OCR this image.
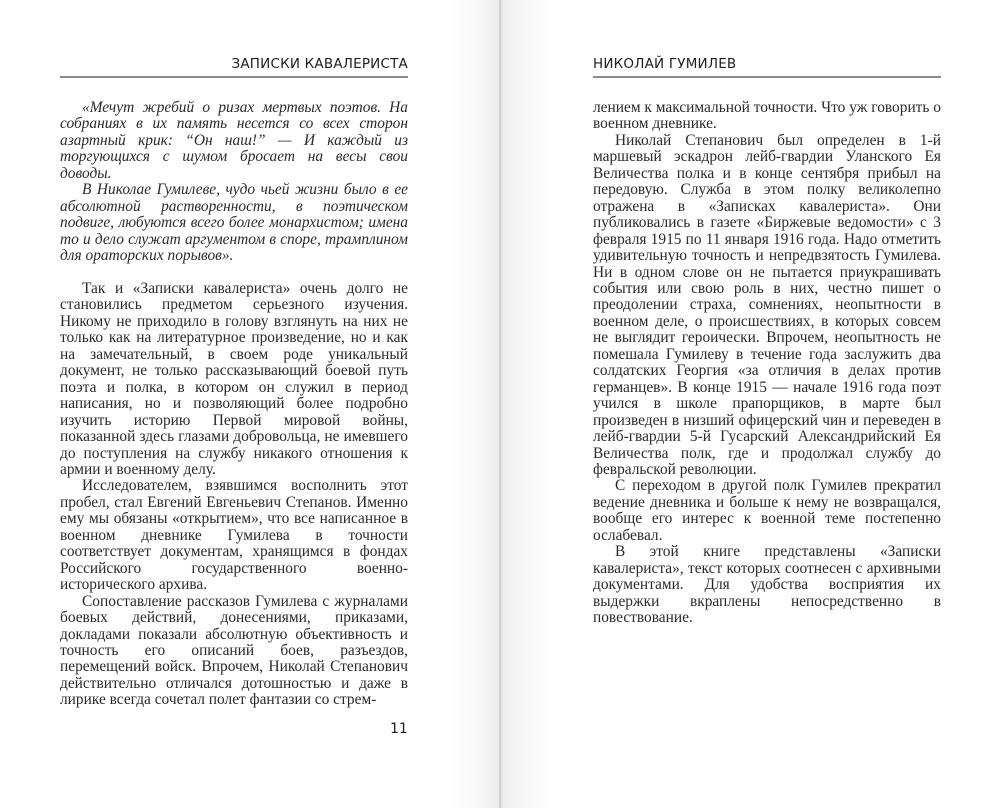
ЗАПИСКИ КАВАЛЕРИСТА

«Мечут жребий о ризах мертвых поэтов. На собраниях в их память несется со всех сторон азартный крик: “Он наш!” — И каждый из торгующихся с шумом бросает на весы свои доводы.

В Николае Гумилеве, чудо чьей жизни было в ее абсолютной растворенности, в поэтическом подвиге, любуются всего более монархистом; имена то и дело служат аргументом в споре, трамплином для ораторских порывов».

Так и «Записки кавалериста» очень долго не становились предметом серьезного изучения. Никому не приходило в голову взглянуть на них не только как на литературное произведение, но и как на замечательный, в своем роде уникальный документ, не только рассказывающий боевой путь поэта и полка, в котором он служил в период написания, но и позволяющий более подробно изучить историю Первой мировой войны, показанной здесь глазами добровольца, не имевшего до поступления на службу никакого отношения к армии и военному делу.

Исследователем, взявшимся восполнить этот пробел, стал Евгений Евгеньевич Степанов. Именно ему мы обязаны «открытием», что все написанное в военном дневнике Гумилева в точности соответствует документам, хранящимся в фондах Российского государственного военно-исторического архива.

Сопоставление рассказов Гумилева с журналами боевых действий, донесениями, приказами, докладами показали абсолютную объективность и точность его описаний боев, разъездов, перемещений войск. Впрочем, Николай Степанович действительно отличался дотошностью и даже в лирике всегда сочетал полет фантазии со стрем-

11
НИКОЛАЙ ГУМИЛЕВ

лением к максимальной точности. Что уж говорить о военном дневнике.

Николай Степанович был определен в 1-й маршевый эскадрон лейб-гвардии Уланского Ея Величества полка и в конце сентября прибыл на передовую. Служба в этом полку великолепно отражена в «Записках кавалериста». Они публиковались в газете «Биржевые ведомости» с 3 февраля 1915 по 11 января 1916 года. Надо отметить удивительную точность и непредвзятость Гумилева. Ни в одном слове он не пытается приукрашивать события или свою роль в них, честно пишет о преодолении страха, сомнениях, неопытности в военном деле, о происшествиях, в которых совсем не выглядит героически. Впрочем, неопытность не помешала Гумилеву в течение года заслужить два солдатских Георгия «за отличия в делах против германцев». В конце 1915 — начале 1916 года поэт учился в школе прапорщиков, в марте был произведен в низший офицерский чин и переведен в лейб-гвардии 5-й Гусарский Александрийский Ея Величества полк, где и продолжал службу до февральской революции.

С переходом в другой полк Гумилев прекратил ведение дневника и больше к нему не возвращался, вообще его интерес к военной теме постепенно ослабевал.

В этой книге представлены «Записки кавалериста», текст которых соотнесен с архивными документами. Для удобства восприятия их выдержки вкраплены непосредственно в повествование.
